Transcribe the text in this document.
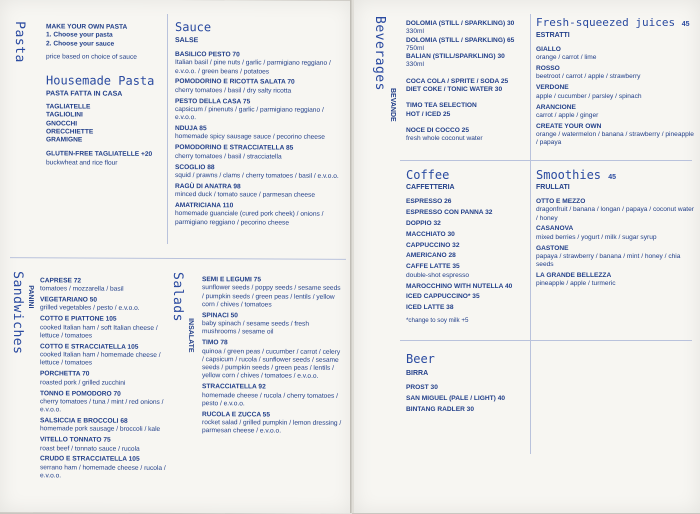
Pasta	MAKE YOUR OWN PASTA
1. Choose your pasta
2. Choose your sauce
price based on choice of sauce
Housemade Pasta
PASTA FATTA IN CASA
TAGLIATELLE
TAGLIOLINI
GNOCCHI
ORECCHIETTE
GRAMIGNE
GLUTEN-FREE TAGLIATELLE +20
buckwheat and rice flour
Sauce
SALSE
BASILICO PESTO 70
Italian basil / pine nuts / garlic / parmigiano reggiano / e.v.o.o. / green beans / potatoes
POMODORINO E RICOTTA SALATA 70
cherry tomatoes / basil / dry salty ricotta
PESTO DELLA CASA 75
capsicum / pinenuts / garlic / parmigiano reggiano / e.v.o.o.
NDUJA 85
homemade spicy sausage sauce / pecorino cheese
POMODORINO E STRACCIATELLA 85
cherry tomatoes / basil / stracciatella
SCOGLIO 88
squid / prawns / clams / cherry tomatoes / basil / e.v.o.o.
RAGÙ DI ANATRA 98
minced duck / tomato sauce / parmesan cheese
AMATRICIANA 110
homemade guanciale (cured pork cheek) / onions / parmigiano reggiano / pecorino cheese
Sandwiches PANINI
CAPRESE 72
tomatoes / mozzarella / basil
VEGETARIANO 50
grilled vegetables / pesto / e.v.o.o.
COTTO E PIATTONE 105
cooked Italian ham / soft Italian cheese / lettuce / tomatoes
COTTO E STRACCIATELLA 105
cooked Italian ham / homemade cheese / lettuce / tomatoes
PORCHETTA 70
roasted pork / grilled zucchini
TONNO E POMODORO 70
cherry tomatoes / tuna / mint / red onions / e.v.o.o.
SALSICCIA E BROCCOLI 68
homemade pork sausage / broccoli / kale
VITELLO TONNATO 75
roast beef / tonnato sauce / rucola
CRUDO E STRACCIATELLA 105
serrano ham / homemade cheese / rucola / e.v.o.o.
Salads
INSALATE
SEMI E LEGUMI 75
sunflower seeds / poppy seeds / sesame seeds / pumpkin seeds / green peas / lentils / yellow corn / chives / tomatoes
SPINACI 50
baby spinach / sesame seeds / fresh mushrooms / sesame oil
TIMO 78
quinoa / green peas / cucumber / carrot / celery / capsicum / rucola / sunflower seeds / sesame seeds / pumpkin seeds / green peas / lentils / yellow corn / chives / tomatoes / e.v.o.o.
STRACCIATELLA 92
homemade cheese / rucola / cherry tomatoes / pesto / e.v.o.o.
RUCOLA E ZUCCA 55
rocket salad / grilled pumpkin / lemon dressing / parmesan cheese / e.v.o.o.
Beverages
BEVANDE
DOLOMIA (STILL / SPARKLING) 30
330ml
DOLOMIA (STILL / SPARKLING) 65
750ml
BALIAN (STILL/SPARKLING) 30
330ml
COCA COLA / SPRITE / SODA 25
DIET COKE / TONIC WATER 30
TIMO TEA SELECTION
HOT / ICED 25
NOCE DI COCCO 25
fresh whole coconut water
Fresh-squeezed juices 45
ESTRATTI
GIALLO
orange / carrot / lime
ROSSO
beetroot / carrot / apple / strawberry
VERDONE
apple / cucumber / parsley / spinach
ARANCIONE
carrot / apple / ginger
CREATE YOUR OWN
orange / watermelon / banana / strawberry / pineapple / papaya
Coffee
CAFFETTERIA
ESPRESSO 26
ESPRESSO CON PANNA 32
DOPPIO 32
MACCHIATO 30
CAPPUCCINO 32
AMERICANO 28
CAFFE LATTE 35
double-shot espresso
MAROCCHINO WITH NUTELLA 40
ICED CAPPUCCINO* 35
ICED LATTE 38
*change to soy milk +5
Smoothies 45
FRULLATI
OTTO E MEZZO
dragonfruit / banana / longan / papaya / coconut water / honey
CASANOVA
mixed berries / yogurt / milk / sugar syrup
GASTONE
papaya / strawberry / banana / mint / honey / chia seeds
LA GRANDE BELLEZZA
pineapple / apple / turmeric
Beer
BIRRA
PROST 30
SAN MIGUEL (PALE / LIGHT) 40
BINTANG RADLER 30
